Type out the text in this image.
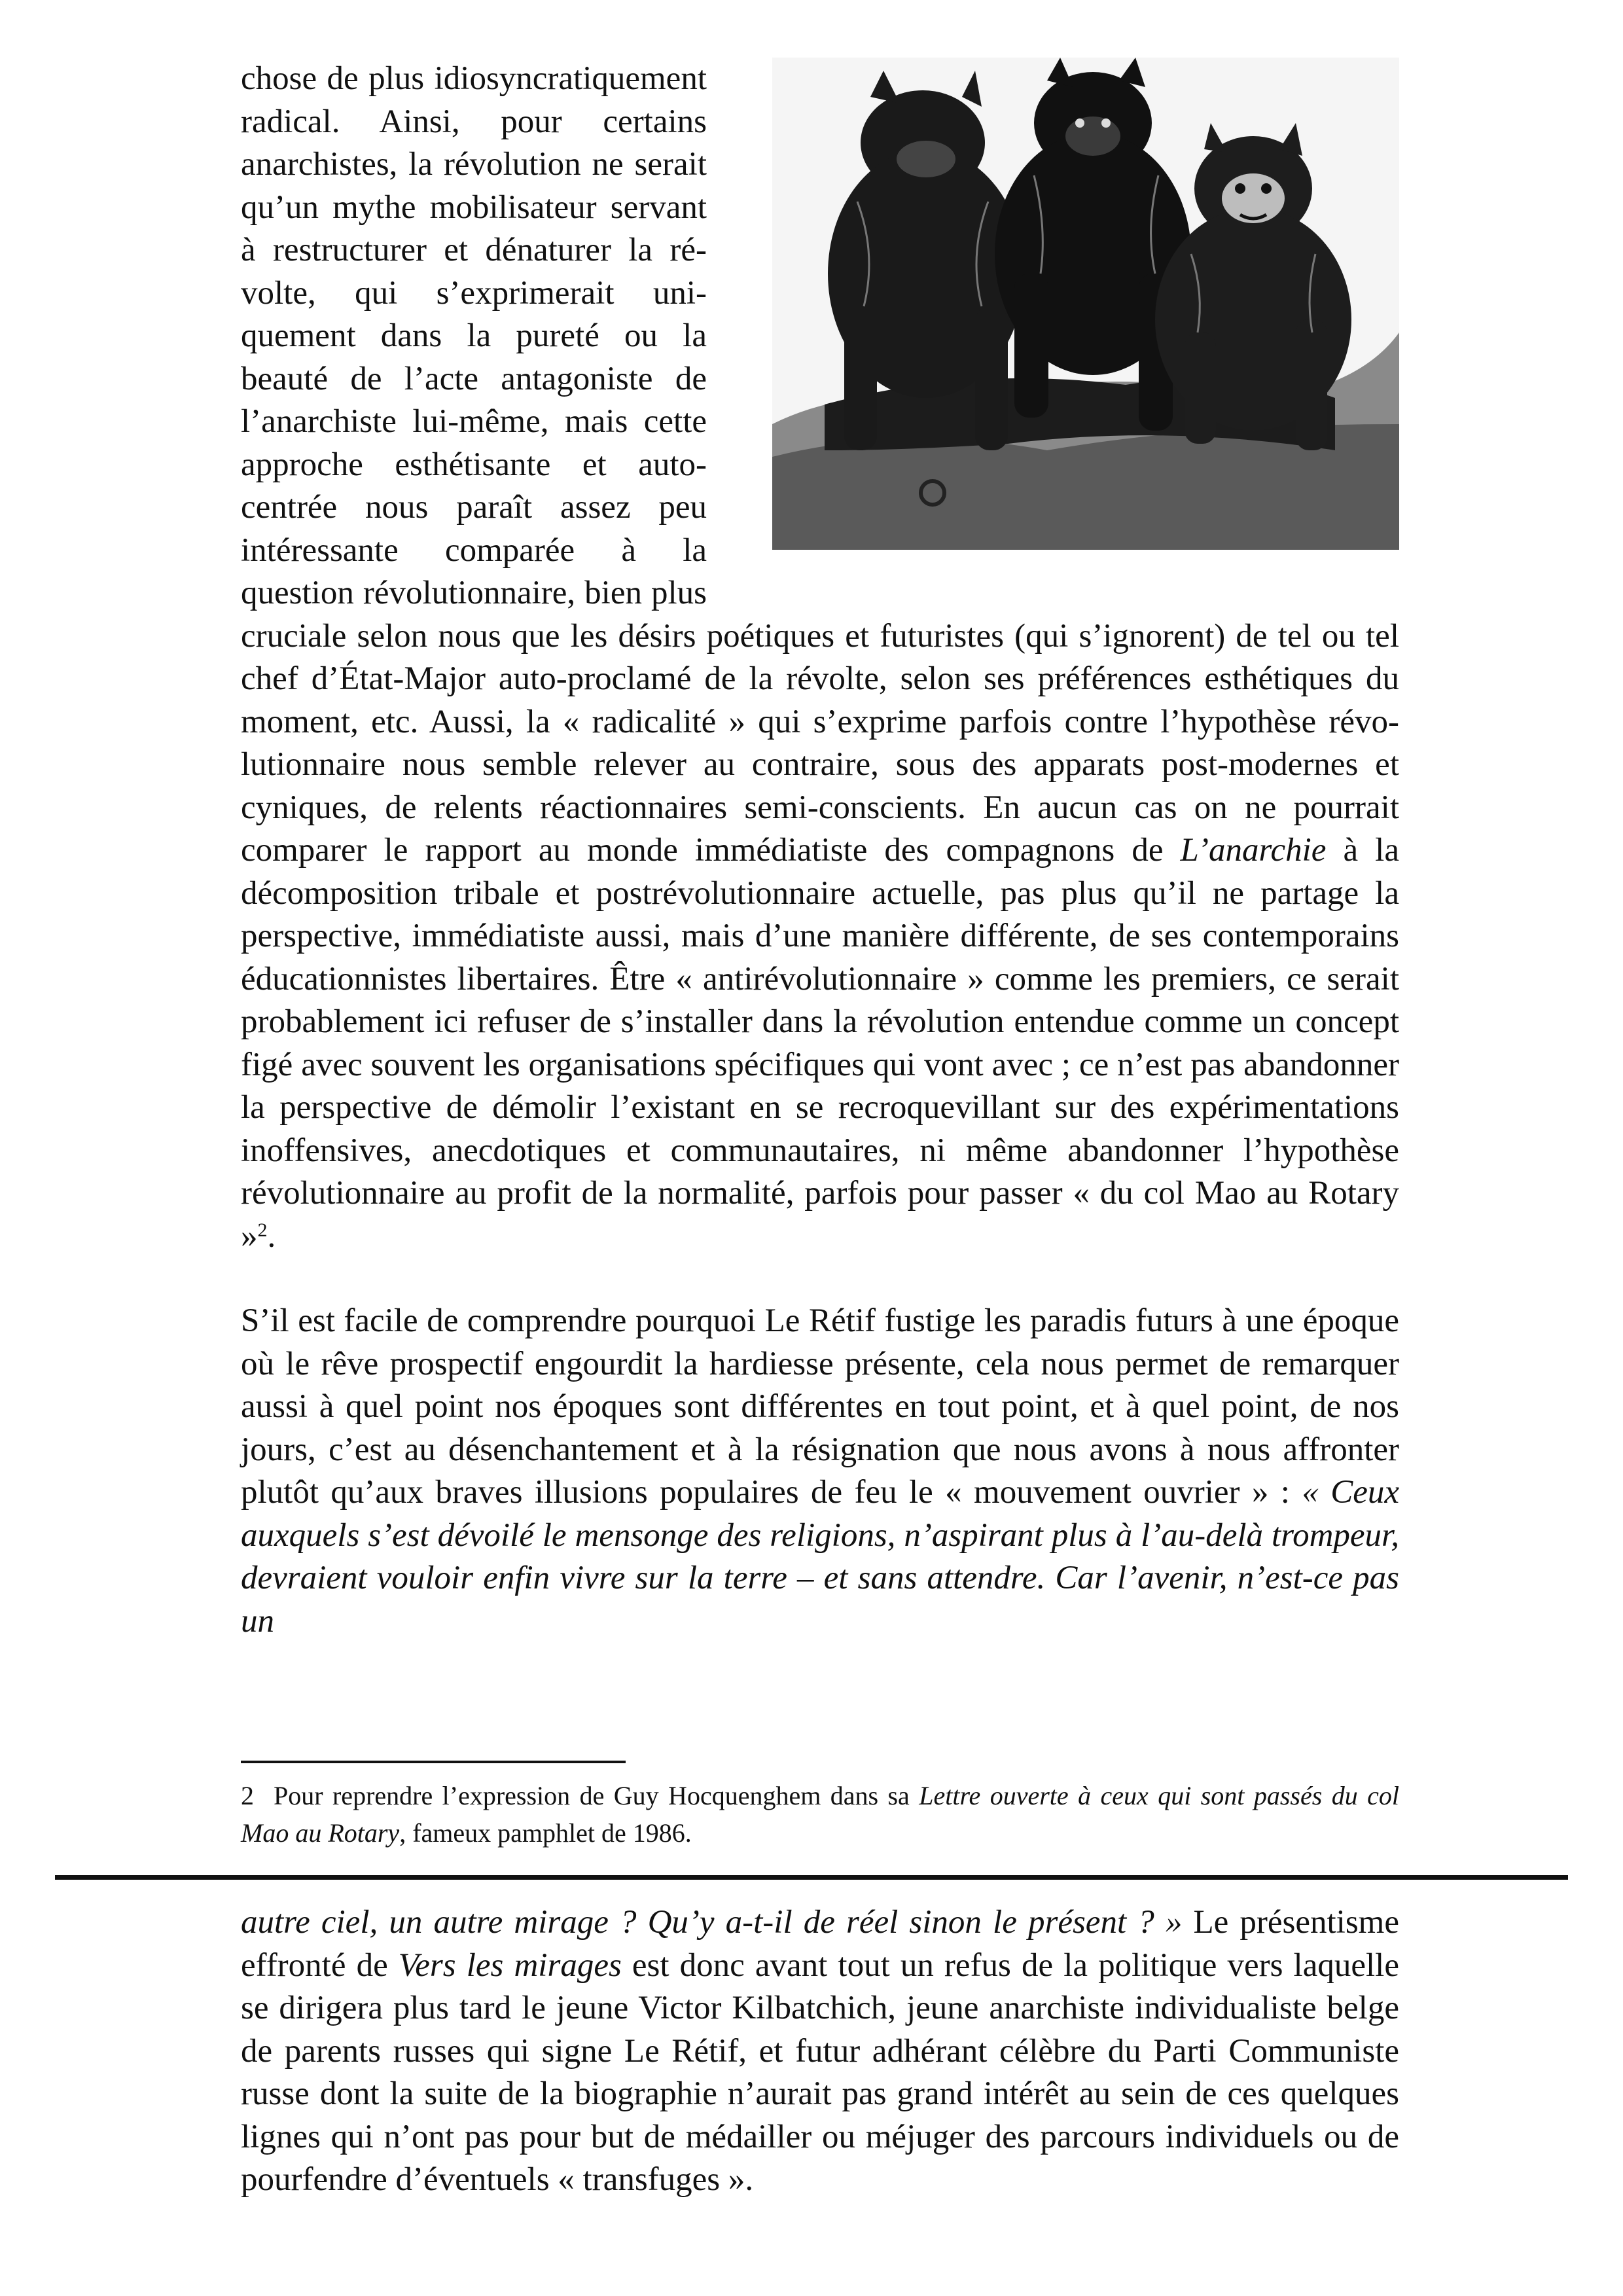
chose de plus idiosyncratiquement radical. Ainsi, pour certains anarchistes, la révolution ne serait qu’un mythe mobilisateur servant à restructurer et dénaturer la révolte, qui s’exprimerait uniquement dans la pureté ou la beauté de l’acte antagoniste de l’anarchiste lui-même, mais cette approche esthétisante et auto-centrée nous paraît assez peu intéressante comparée à la question révolutionnaire, bien plus cruciale selon nous que les désirs poétiques et futuristes (qui s’ignorent) de tel ou tel chef d’État-Major auto-proclamé de la révolte, selon ses préférences esthétiques du moment, etc. Aussi, la « radicalité » qui s’exprime parfois contre l’hypothèse révolutionnaire nous semble relever au contraire, sous des apparats post-modernes et cyniques, de relents réactionnaires semi-conscients. En aucun cas on ne pourrait comparer le rapport au monde immédiatiste des compagnons de L’anarchie à la décomposition tribale et postrévolutionnaire actuelle, pas plus qu’il ne partage la perspective, immédiatiste aussi, mais d’une manière différente, de ses contemporains éducationnistes libertaires. Être « antirévolutionnaire » comme les premiers, ce serait probablement ici refuser de s’installer dans la révolution entendue comme un concept figé avec souvent les organisations spécifiques qui vont avec ; ce n’est pas abandonner la perspective de démolir l’existant en se recroquevillant sur des expérimentations inoffensives, anecdotiques et communautaires, ni même abandonner l’hypothèse révolutionnaire au profit de la normalité, parfois pour passer « du col Mao au Rotary »$^2$.

S’il est facile de comprendre pourquoi Le Rétif fustige les paradis futurs à une époque où le rêve prospectif engourdit la hardiesse présente, cela nous permet de remarquer aussi à quel point nos époques sont différentes en tout point, et à quel point, de nos jours, c’est au désenchantement et à la résignation que nous avons à nous affronter plutôt qu’aux braves illusions populaires de feu le « mouvement ouvrier » : « Ceux auxquels s’est dévoilé le mensonge des religions, n’aspirant plus à l’au-delà trompeur, devraient vouloir enfin vivre sur la terre – et sans attendre. Car l’avenir, n’est-ce pas un

2 Pour reprendre l’expression de Guy Hocquenghem dans sa Lettre ouverte à ceux qui sont passés du col Mao au Rotary, fameux pamphlet de 1986.

autre ciel, un autre mirage ? Qu’y a-t-il de réel sinon le présent ? » Le présentisme effronté de Vers les mirages est donc avant tout un refus de la politique vers laquelle se dirigera plus tard le jeune Victor Kilbatchich, jeune anarchiste individualiste belge de parents russes qui signe Le Rétif, et futur adhérant célèbre du Parti Communiste russe dont la suite de la biographie n’aurait pas grand intérêt au sein de ces quelques lignes qui n’ont pas pour but de médailler ou méjuger des parcours individuels ou de pourfendre d’éventuels « transfuges ».
